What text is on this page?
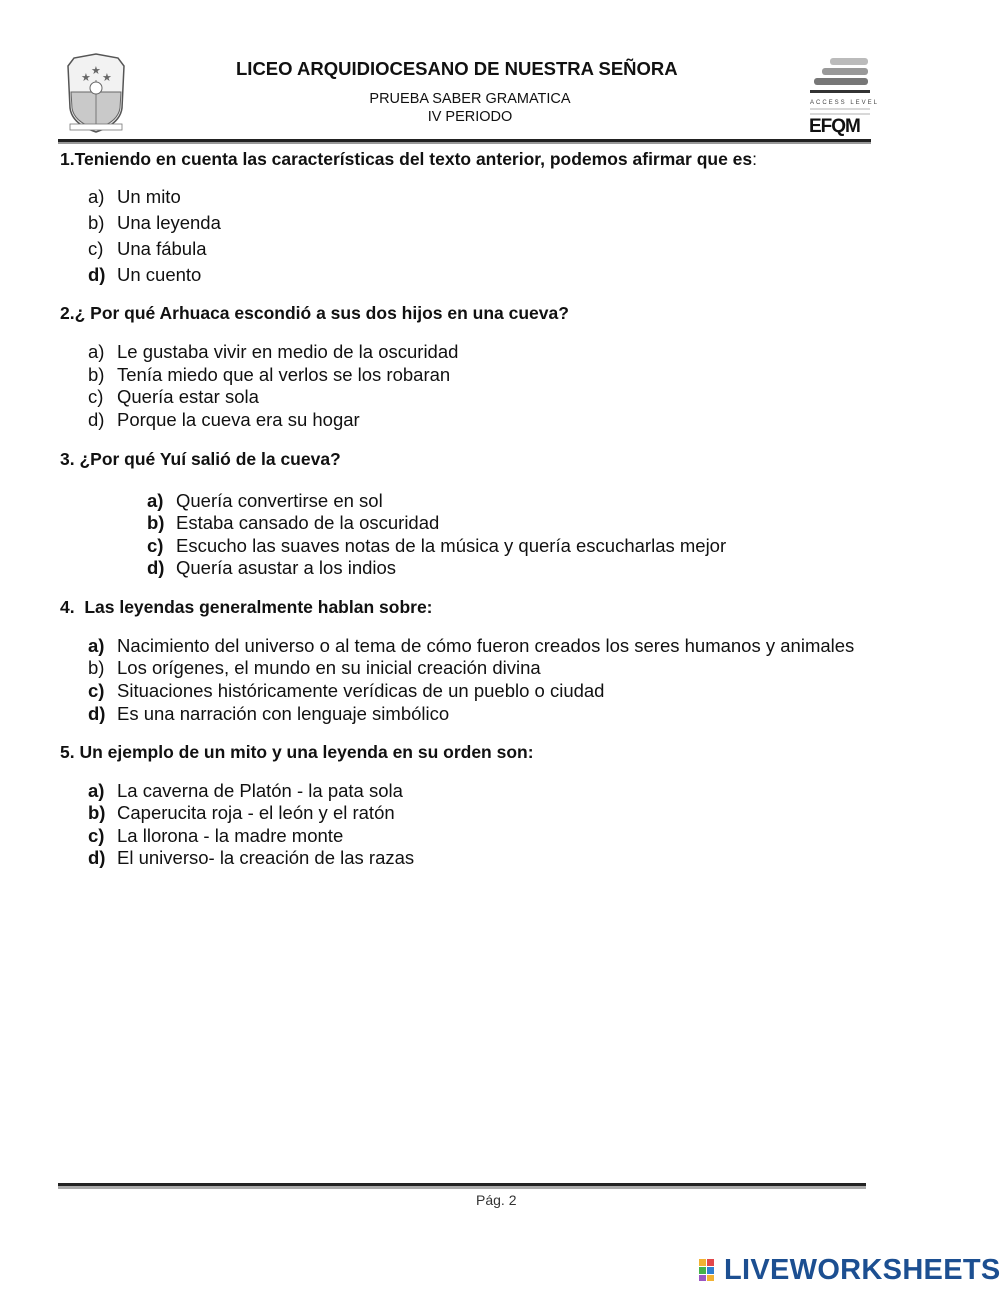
★
★
★	LICEO ARQUIDIOCESANO DE NUESTRA SEÑORA
PRUEBA SABER GRAMATICA
IV PERIODO
ACCESS LEVEL
EFQM
1.Teniendo en cuenta las características del texto anterior, podemos afirmar que es:
a) Un mito
b) Una leyenda
c) Una fábula
d) Un cuento
2.¿ Por qué Arhuaca escondió a sus dos hijos en una cueva?
a) Le gustaba vivir en medio de la oscuridad
b) Tenía miedo que al verlos se los robaran
c) Quería estar sola
d) Porque la cueva era su hogar
3. ¿Por qué Yuí salió de la cueva?
a) Quería convertirse en sol
b) Estaba cansado de la oscuridad
c) Escucho las suaves notas de la música y quería escucharlas mejor
d) Quería asustar a los indios
4.  Las leyendas generalmente hablan sobre:
a) Nacimiento del universo o al tema de cómo fueron creados los seres humanos y animales
b) Los orígenes, el mundo en su inicial creación divina
c) Situaciones históricamente verídicas de un pueblo o ciudad
d) Es una narración con lenguaje simbólico
5. Un ejemplo de un mito y una leyenda en su orden son:
a) La caverna de Platón - la pata sola
b) Caperucita roja - el león y el ratón
c) La llorona - la madre monte
d) El universo- la creación de las razas
Pág. 2
LIVEWORKSHEETS
